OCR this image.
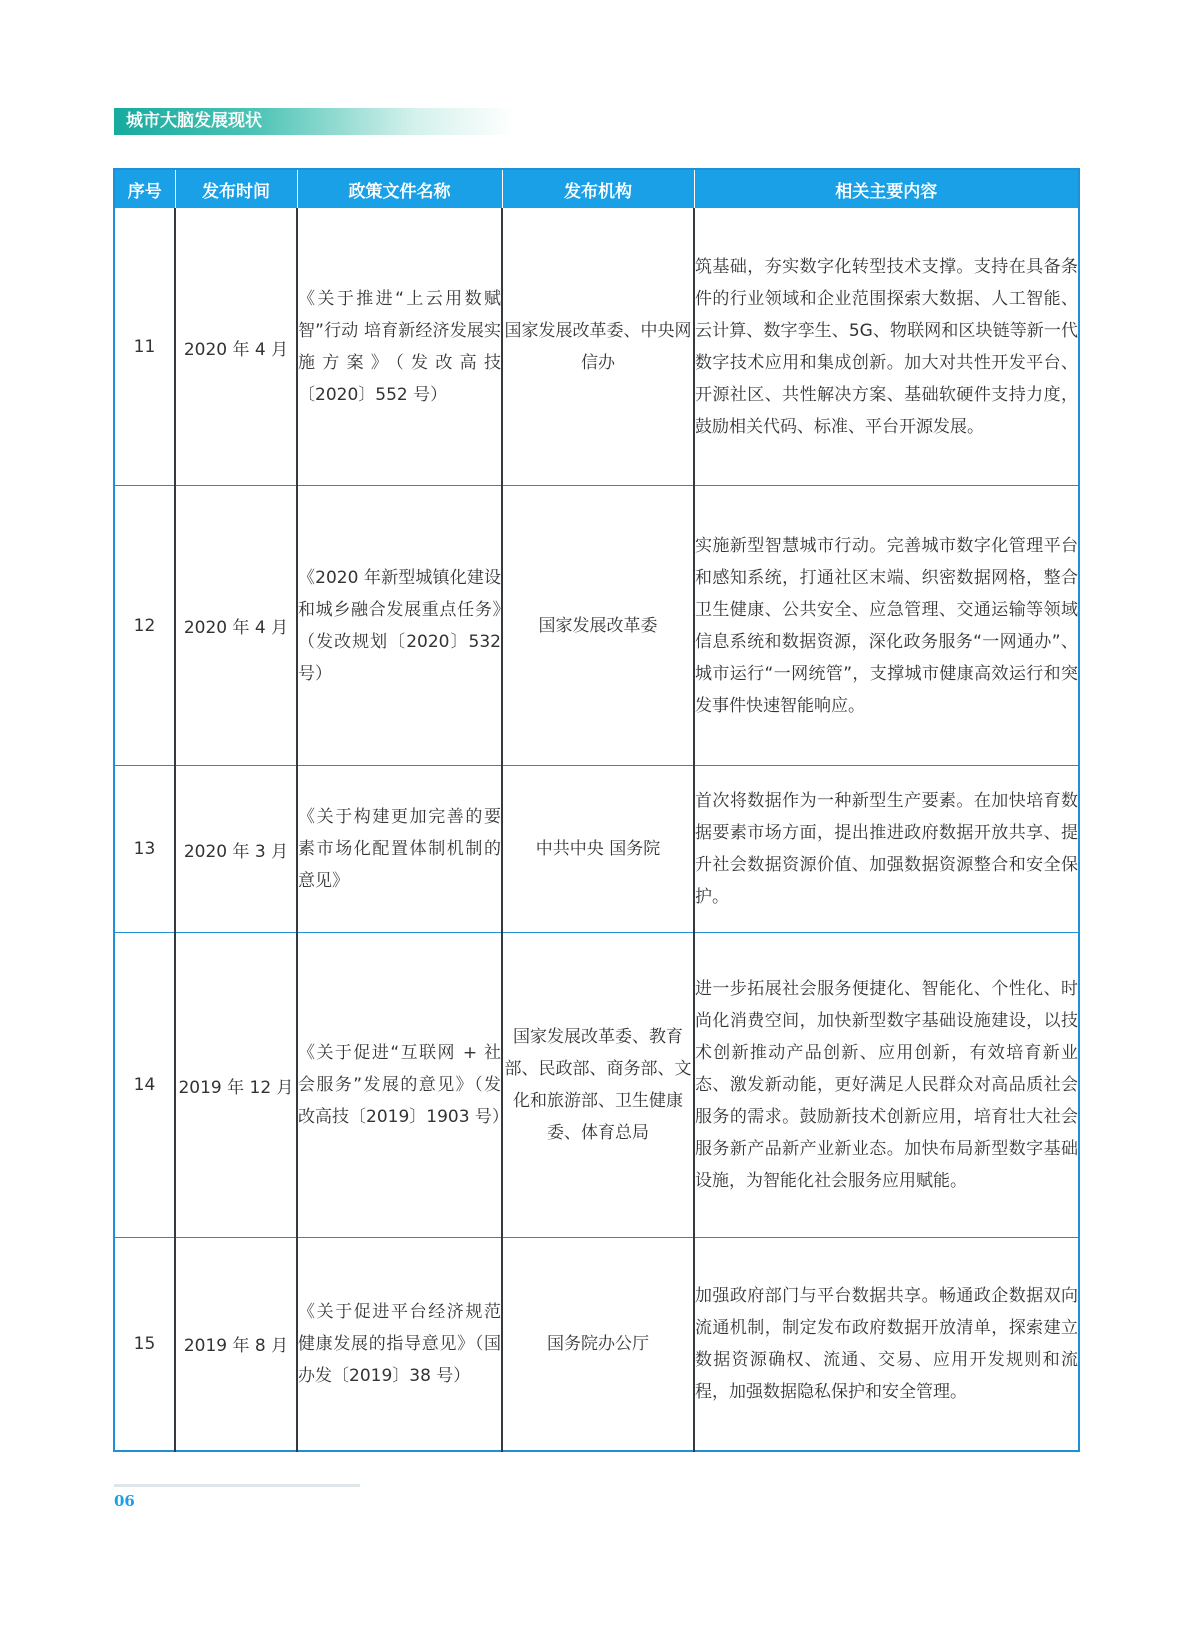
城市大脑发展现状
序号	发布时间	政策文件名称	发布机构	相关主要内容
11	2020 年 4 月	《关于推进“上云用数赋智”行动 培育新经济发展实施方案》（发改高技〔2020〕552 号）	国家发展改革委、中央网信办	筑基础，夯实数字化转型技术支撑。支持在具备条件的行业领域和企业范围探索大数据、人工智能、云计算、数字孪生、5G、物联网和区块链等新一代数字技术应用和集成创新。加大对共性开发平台、开源社区、共性解决方案、基础软硬件支持力度，鼓励相关代码、标准、平台开源发展。
12	2020 年 4 月	《2020 年新型城镇化建设和城乡融合发展重点任务》（发改规划〔2020〕532 号）	国家发展改革委	实施新型智慧城市行动。完善城市数字化管理平台和感知系统，打通社区末端、织密数据网格，整合卫生健康、公共安全、应急管理、交通运输等领域信息系统和数据资源，深化政务服务“一网通办”、城市运行“一网统管”，支撑城市健康高效运行和突发事件快速智能响应。
13	2020 年 3 月	《关于构建更加完善的要素市场化配置体制机制的意见》	中共中央 国务院	首次将数据作为一种新型生产要素。在加快培育数据要素市场方面，提出推进政府数据开放共享、提升社会数据资源价值、加强数据资源整合和安全保护。
14	2019 年 12 月	《关于促进“互联网 + 社会服务”发展的意见》（发改高技〔2019〕1903 号）	国家发展改革委、教育部、民政部、商务部、文化和旅游部、卫生健康委、体育总局	进一步拓展社会服务便捷化、智能化、个性化、时尚化消费空间，加快新型数字基础设施建设，以技术创新推动产品创新、应用创新，有效培育新业态、激发新动能，更好满足人民群众对高品质社会服务的需求。鼓励新技术创新应用，培育壮大社会服务新产品新产业新业态。加快布局新型数字基础设施，为智能化社会服务应用赋能。
15	2019 年 8 月	《关于促进平台经济规范健康发展的指导意见》（国办发〔2019〕38 号）	国务院办公厅	加强政府部门与平台数据共享。畅通政企数据双向流通机制，制定发布政府数据开放清单，探索建立数据资源确权、流通、交易、应用开发规则和流程，加强数据隐私保护和安全管理。
06
